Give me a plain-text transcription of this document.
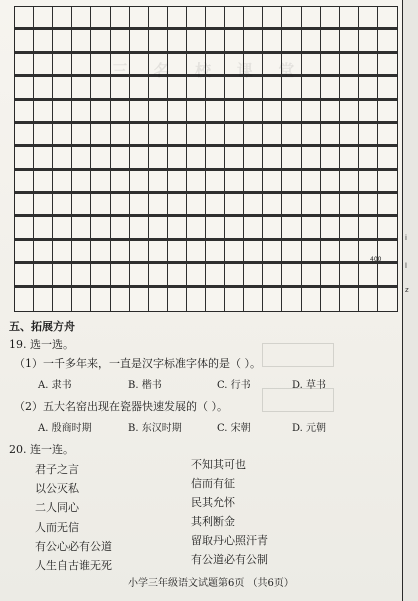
i
l
z
三 名 校 课 堂
400
五、拓展方舟
19. 选一选。
（1）一千多年来，一直是汉字标准字体的是（ ）。
A. 隶书	B. 楷书	C. 行书	D. 草书
（2）五大名窑出现在瓷器快速发展的（ ）。
A. 殷商时期	B. 东汉时期	C. 宋朝	D. 元朝
20. 连一连。
君子之言
以公灭私
二人同心
人而无信
有公心必有公道
人生自古谁无死
不知其可也
信而有征
民其允怀
其利断金
留取丹心照汗青
有公道必有公制
小学三年级语文试题第6页 （共6页）
